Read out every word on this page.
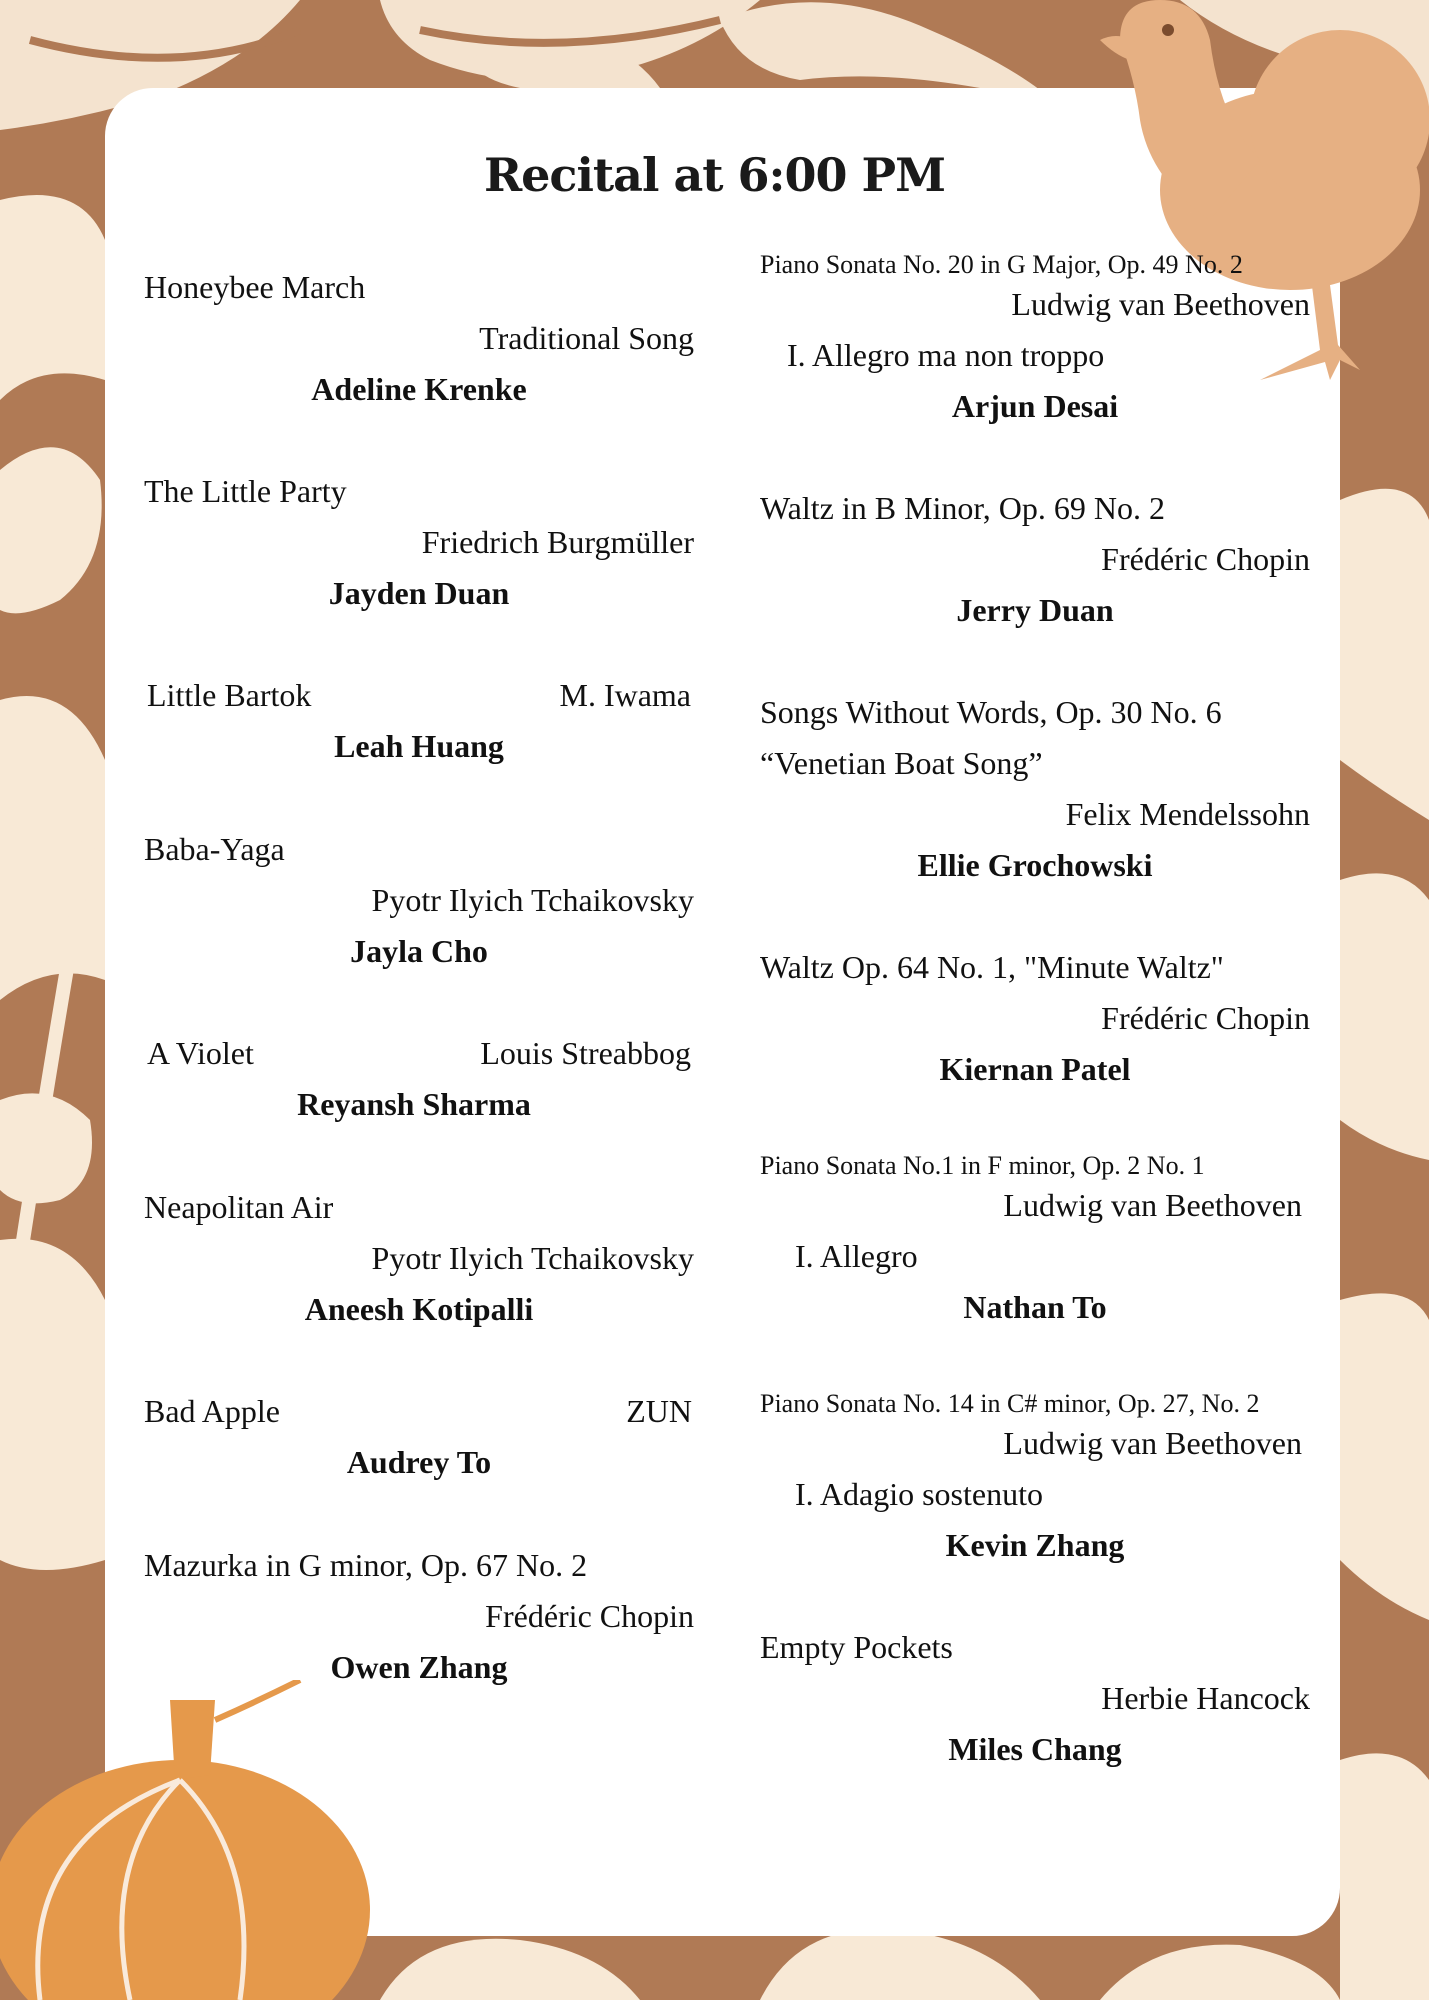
Recital at 6:00 PM
Honeybee March
Traditional Song
Adeline Krenke
The Little Party
Friedrich Burgmüller
Jayden Duan
Little Bartok	M. Iwama
Leah Huang
Baba-Yaga
Pyotr Ilyich Tchaikovsky
Jayla Cho
A Violet	Louis Streabbog
Reyansh Sharma
Neapolitan Air
Pyotr Ilyich Tchaikovsky
Aneesh Kotipalli
Bad Apple	ZUN
Audrey To
Mazurka in G minor, Op. 67 No. 2
Frédéric Chopin
Owen Zhang
Piano Sonata No. 20 in G Major, Op. 49 No. 2
Ludwig van Beethoven
I. Allegro ma non troppo
Arjun Desai
Waltz in B Minor, Op. 69 No. 2
Frédéric Chopin
Jerry Duan
Songs Without Words, Op. 30 No. 6
“Venetian Boat Song”
Felix Mendelssohn
Ellie Grochowski
Waltz Op. 64 No. 1, "Minute Waltz"
Frédéric Chopin
Kiernan Patel
Piano Sonata No.1 in F minor, Op. 2 No. 1
Ludwig van Beethoven
I. Allegro
Nathan To
Piano Sonata No. 14 in C# minor, Op. 27, No. 2
Ludwig van Beethoven
I. Adagio sostenuto
Kevin Zhang
Empty Pockets
Herbie Hancock
Miles Chang
